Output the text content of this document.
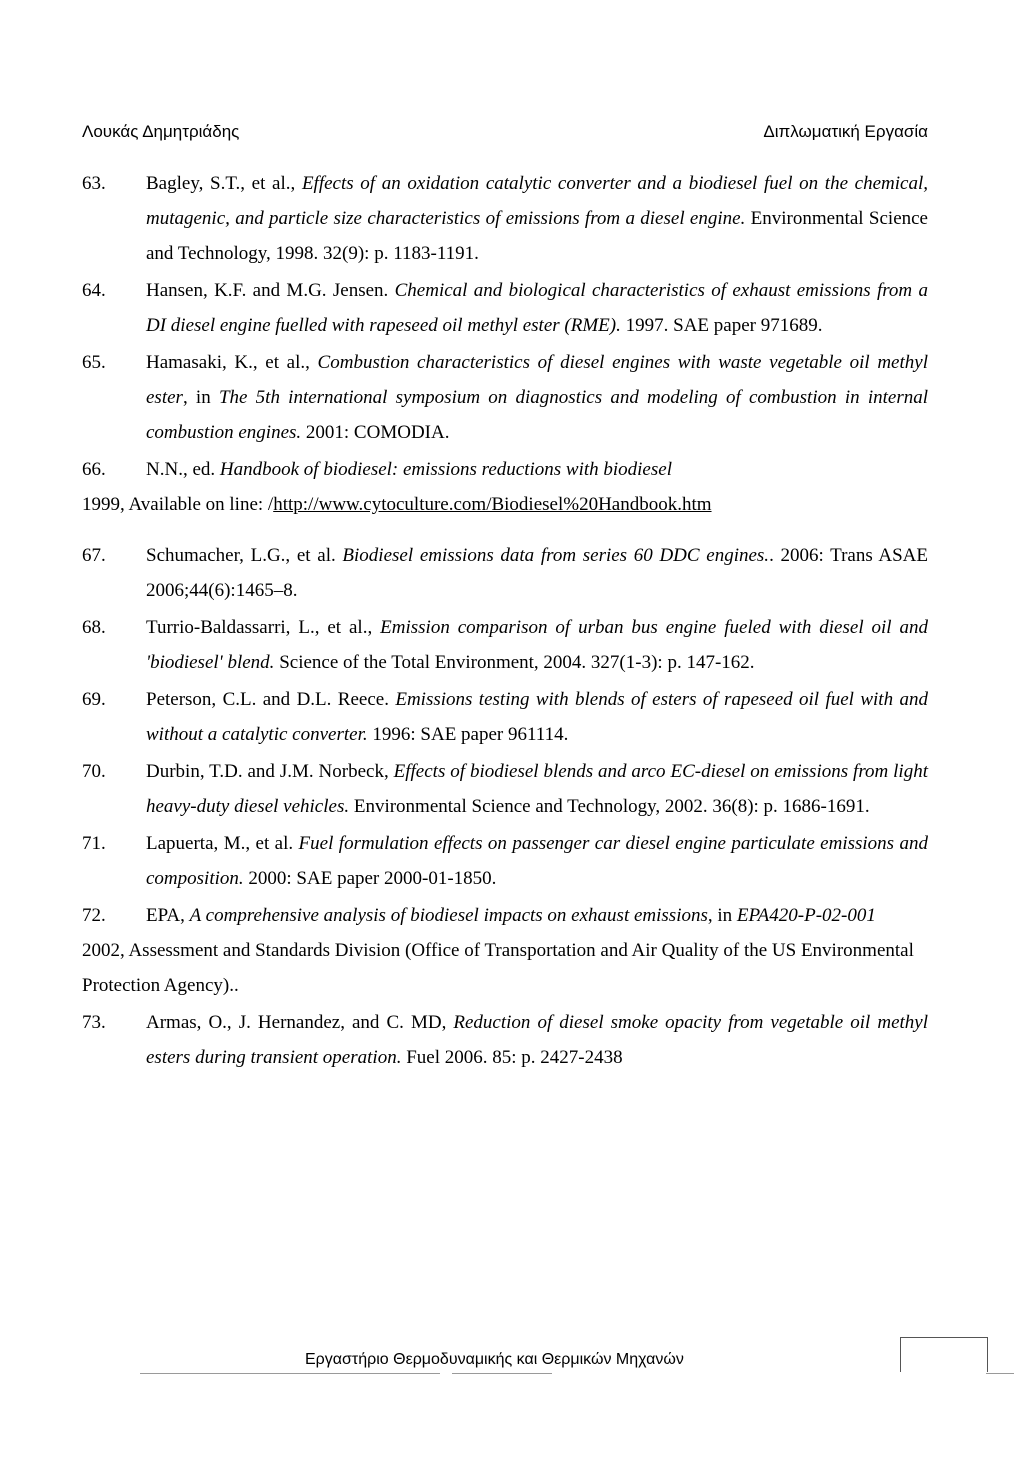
Λουκάς Δημητριάδης	Διπλωματική Εργασία
63. Bagley, S.T., et al., Effects of an oxidation catalytic converter and a biodiesel fuel on the chemical, mutagenic, and particle size characteristics of emissions from a diesel engine. Environmental Science and Technology, 1998. 32(9): p. 1183-1191.
64. Hansen, K.F. and M.G. Jensen. Chemical and biological characteristics of exhaust emissions from a DI diesel engine fuelled with rapeseed oil methyl ester (RME). 1997. SAE paper 971689.
65. Hamasaki, K., et al., Combustion characteristics of diesel engines with waste vegetable oil methyl ester, in The 5th international symposium on diagnostics and modeling of combustion in internal combustion engines. 2001: COMODIA.
66. N.N., ed. Handbook of biodiesel: emissions reductions with biodiesel
1999, Available on line: /http://www.cytoculture.com/Biodiesel%20Handbook.htm
67. Schumacher, L.G., et al. Biodiesel emissions data from series 60 DDC engines.. 2006: Trans ASAE 2006;44(6):1465–8.
68. Turrio-Baldassarri, L., et al., Emission comparison of urban bus engine fueled with diesel oil and 'biodiesel' blend. Science of the Total Environment, 2004. 327(1-3): p. 147-162.
69. Peterson, C.L. and D.L. Reece. Emissions testing with blends of esters of rapeseed oil fuel with and without a catalytic converter. 1996: SAE paper 961114.
70. Durbin, T.D. and J.M. Norbeck, Effects of biodiesel blends and arco EC-diesel on emissions from light heavy-duty diesel vehicles. Environmental Science and Technology, 2002. 36(8): p. 1686-1691.
71. Lapuerta, M., et al. Fuel formulation effects on passenger car diesel engine particulate emissions and composition. 2000: SAE paper 2000-01-1850.
72. EPA, A comprehensive analysis of biodiesel impacts on exhaust emissions, in EPA420-P-02-001
2002, Assessment and Standards Division (Office of Transportation and Air Quality of the US Environmental Protection Agency)..
73. Armas, O., J. Hernandez, and C. MD, Reduction of diesel smoke opacity from vegetable oil methyl esters during transient operation. Fuel 2006. 85: p. 2427-2438
Εργαστήριο Θερμοδυναμικής και Θερμικών Μηχανών
